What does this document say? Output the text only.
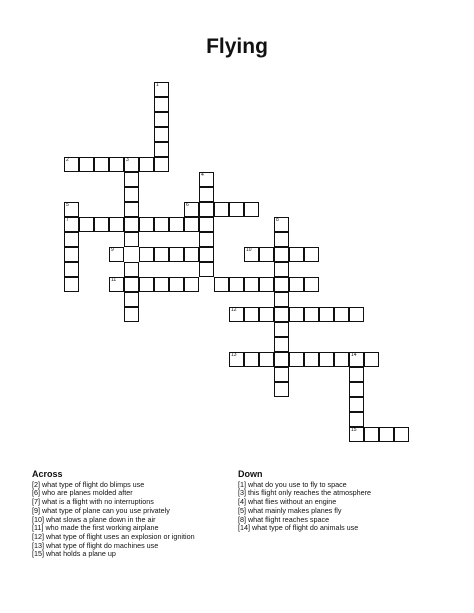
Flying
1
2	3
4
5
7
6
8
9	10
11
12
13	14
15
Across
[2] what type of flight do blimps use
[6] who are planes molded after
[7] what is a flight with no interruptions
[9] what type of plane can you use privately
[10] what slows a plane down in the air
[11] who made the first working airplane
[12] what type of flight uses an explosion or ignition
[13] what type of flight do machines use
[15] what holds a plane up
Down
[1] what do you use to fly to space
[3] this flight only reaches the atmosphere
[4] what flies without an engine
[5] what mainly makes planes fly
[8] what flight reaches space
[14] what type of flight do animals use
